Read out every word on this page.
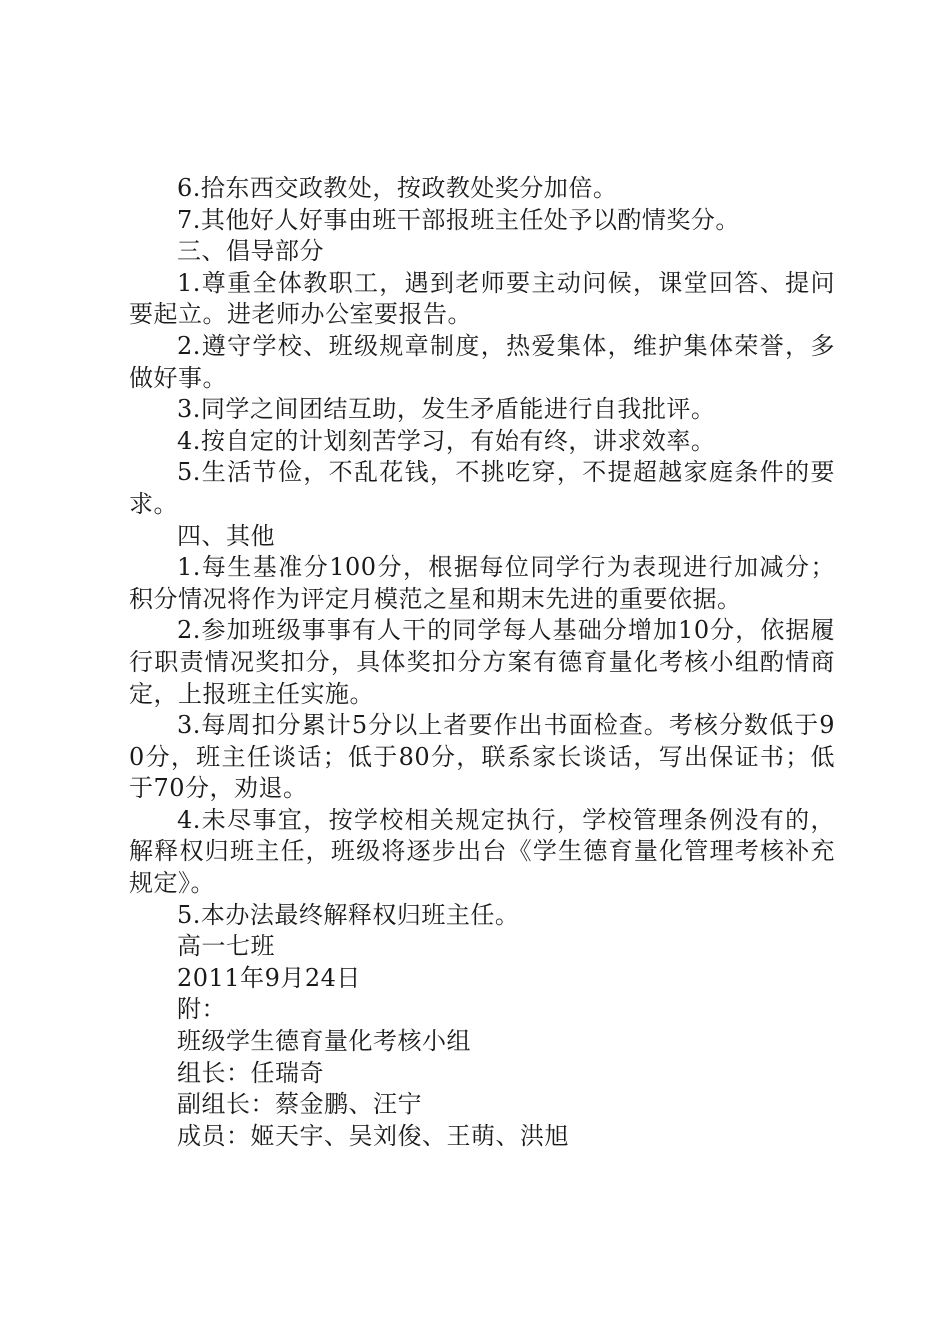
6.拾东西交政教处，按政教处奖分加倍。

7.其他好人好事由班干部报班主任处予以酌情奖分。

三、倡导部分

1.尊重全体教职工，遇到老师要主动问候，课堂回答、提问要起立。进老师办公室要报告。

2.遵守学校、班级规章制度，热爱集体，维护集体荣誉，多做好事。

3.同学之间团结互助，发生矛盾能进行自我批评。

4.按自定的计划刻苦学习，有始有终，讲求效率。

5.生活节俭，不乱花钱，不挑吃穿，不提超越家庭条件的要求。

四、其他

1.每生基准分100分，根据每位同学行为表现进行加减分；积分情况将作为评定月模范之星和期末先进的重要依据。

2.参加班级事事有人干的同学每人基础分增加10分，依据履行职责情况奖扣分，具体奖扣分方案有德育量化考核小组酌情商定，上报班主任实施。

3.每周扣分累计5分以上者要作出书面检查。考核分数低于90分，班主任谈话；低于80分，联系家长谈话，写出保证书；低于70分，劝退。

4.未尽事宜，按学校相关规定执行，学校管理条例没有的，解释权归班主任，班级将逐步出台《学生德育量化管理考核补充规定》。

5.本办法最终解释权归班主任。

高一七班

2011年9月24日

附：

班级学生德育量化考核小组

组长：任瑞奇

副组长：蔡金鹏、汪宁

成员：姬天宇、吴刘俊、王萌、洪旭
